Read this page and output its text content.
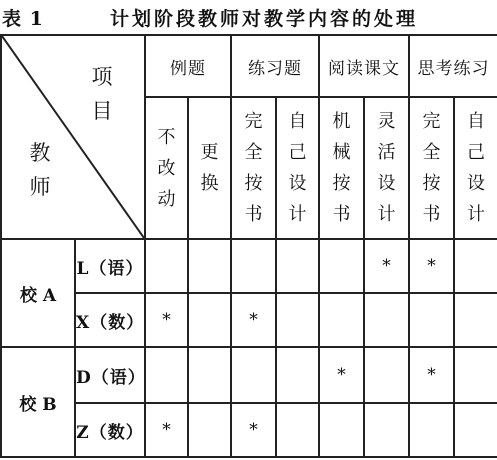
表 1	计划阶段教师对教学内容的处理
项目
教师		例题		练习题		阅读课文		思考练习	
		不改动	更换	完全按书	自己设计	机械按书	灵活设计	完全按书	自己设计
校 A	L（语）						*	*	
	X（数）	*		*					
校 B	D（语）					*		*	
	Z（数）	*		*					
